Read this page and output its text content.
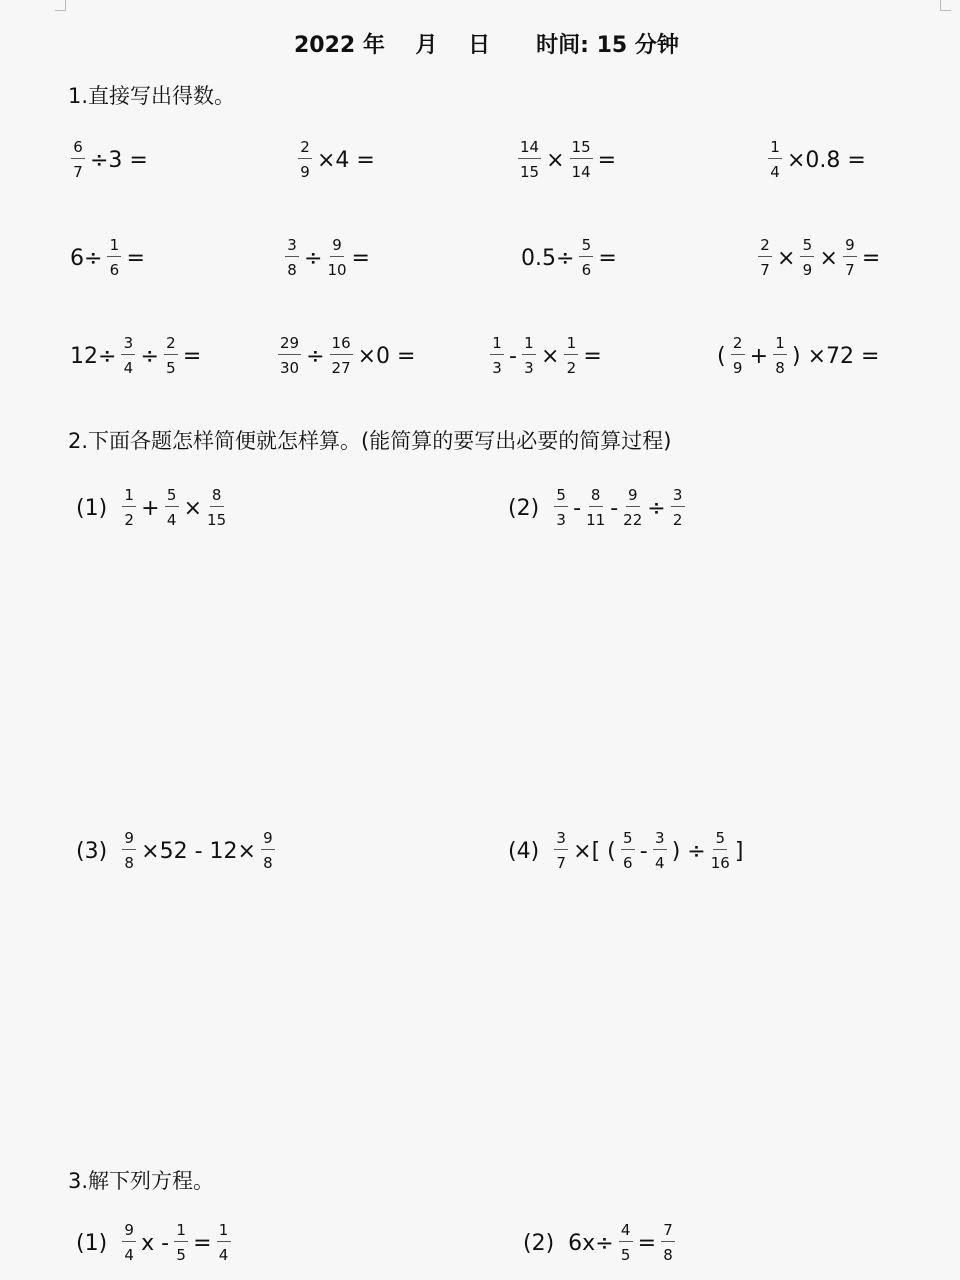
2022 年    月    日      时间: 15 分钟
1.直接写出得数。
2.下面各题怎样简便就怎样算。(能简算的要写出必要的简算过程)
3.解下列方程。
$\frac{6}{7} \div 3$ =	$\frac{2}{9} \times 4$ =	$\frac{14}{15} \times \frac{15}{14}$ =	$\frac{1}{4} \times 0.8$ =
$6\div \frac{1}{6}$ =	$\frac{3}{8} \div \frac{9}{10}$ =	$0.5\div \frac{5}{6}$ =	$\frac{2}{7} \times \frac{5}{9} \times \frac{9}{7}$ =
$12\div \frac{3}{4} \div \frac{2}{5}$ =	$\frac{29}{30} \div \frac{16}{27} \times 0$ =	$\frac{1}{3} - \frac{1}{3} \times \frac{1}{2}$ =	( $\frac{2}{9} + \frac{1}{8}$ ) ×72 =
$(1) \frac{1}{2} + \frac{5}{4} \times \frac{8}{15}$	$(2) \frac{5}{3} - \frac{8}{11} - \frac{9}{22} \div \frac{3}{2}$
$(3) \frac{9}{8} \times 52 - 12\times \frac{9}{8}$	$(4) \frac{3}{7}$ ×[ ( $\frac{5}{6} - \frac{3}{4}$ ) ÷ $\frac{5}{16}$ ]
$(1) \frac{9}{4}$ $x - \frac{1}{5} = \frac{1}{4}$	(2) $6x\div \frac{4}{5} = \frac{7}{8}$
